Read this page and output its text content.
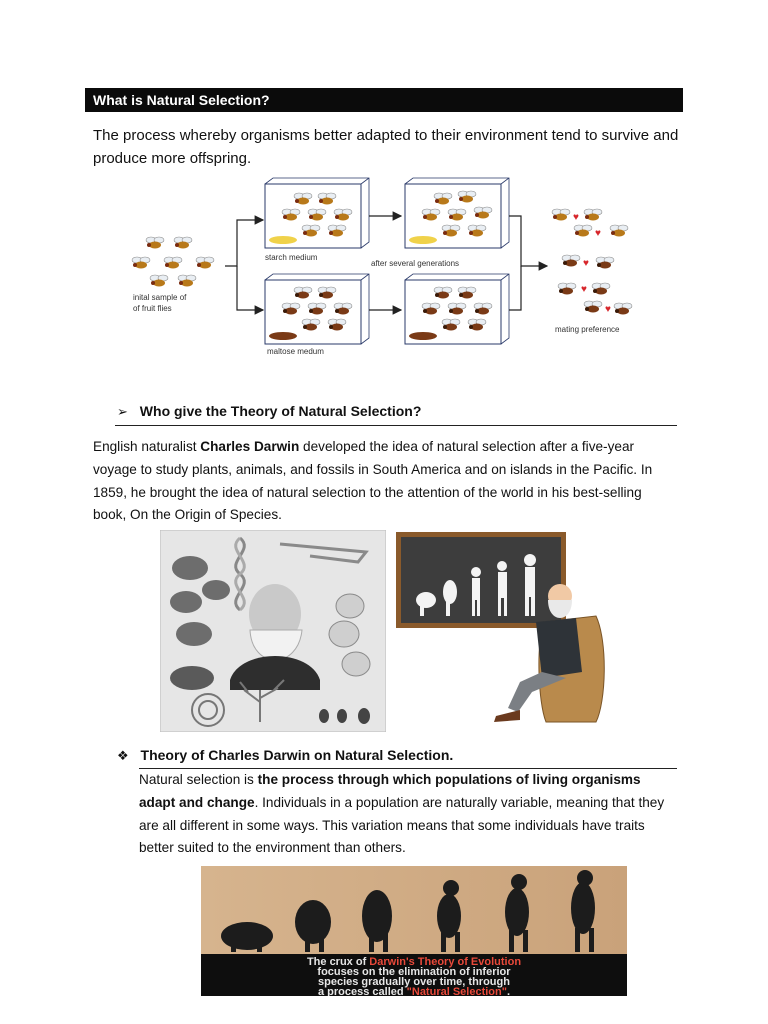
What is Natural Selection?
The process whereby organisms better adapted to their environment tend to survive and produce more offspring.
inital sample of
of fruit flies
starch medium
maltose medum
after several generations
♥
♥
♥
♥
♥
mating preference
➢ Who give the Theory of Natural Selection?
English naturalist Charles Darwin developed the idea of natural selection after a five-year voyage to study plants, animals, and fossils in South America and on islands in the Pacific. In 1859, he brought the idea of natural selection to the attention of the world in his best-selling book, On the Origin of Species.
❖ Theory of Charles Darwin on Natural Selection.
Natural selection is the process through which populations of living organisms adapt and change. Individuals in a population are naturally variable, meaning that they are all different in some ways. This variation means that some individuals have traits better suited to the environment than others.
The crux of Darwin's Theory of Evolution
focuses on the elimination of inferior
species gradually over time, through
a process called "Natural Selection".
